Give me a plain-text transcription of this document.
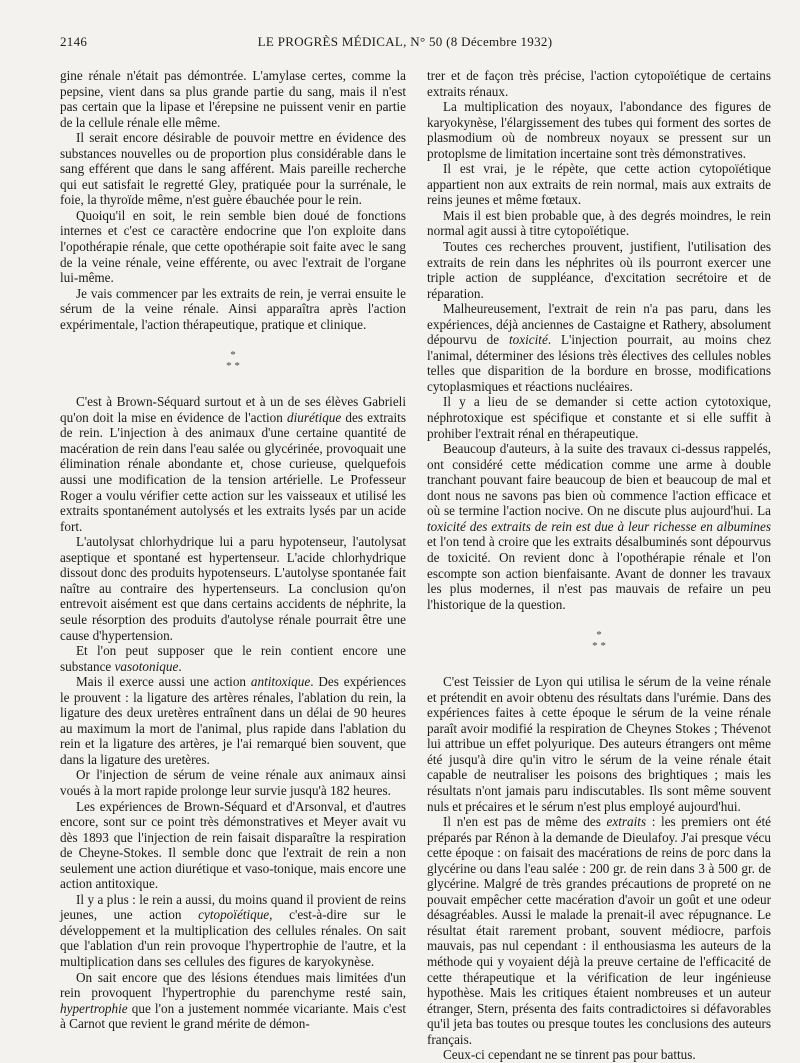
2146	LE PROGRÈS MÉDICAL, N° 50 (8 Décembre 1932)

gine rénale n'était pas démontrée. L'amylase certes, comme la pepsine, vient dans sa plus grande partie du sang, mais il n'est pas certain que la lipase et l'érepsine ne puissent venir en partie de la cellule rénale elle même.

Il serait encore désirable de pouvoir mettre en évidence des substances nouvelles ou de proportion plus considérable dans le sang efférent que dans le sang afférent. Mais pareille recherche qui eut satisfait le regretté Gley, pratiquée pour la surrénale, le foie, la thyroïde même, n'est guère ébauchée pour le rein.

Quoiqu'il en soit, le rein semble bien doué de fonctions internes et c'est ce caractère endocrine que l'on exploite dans l'opothérapie rénale, que cette opothérapie soit faite avec le sang de la veine rénale, veine efférente, ou avec l'extrait de l'organe lui-même.

Je vais commencer par les extraits de rein, je verrai ensuite le sérum de la veine rénale. Ainsi apparaîtra après l'action expérimentale, l'action thérapeutique, pratique et clinique.

*
* *

C'est à Brown-Séquard surtout et à un de ses élèves Gabrieli qu'on doit la mise en évidence de l'action diurétique des extraits de rein. L'injection à des animaux d'une certaine quantité de macération de rein dans l'eau salée ou glycérinée, provoquait une élimination rénale abondante et, chose curieuse, quelquefois aussi une modification de la tension artérielle. Le Professeur Roger a voulu vérifier cette action sur les vaisseaux et utilisé les extraits spontanément autolysés et les extraits lysés par un acide fort.

L'autolysat chlorhydrique lui a paru hypotenseur, l'autolysat aseptique et spontané est hypertenseur. L'acide chlorhydrique dissout donc des produits hypotenseurs. L'autolyse spontanée fait naître au contraire des hypertenseurs. La conclusion qu'on entrevoit aisément est que dans certains accidents de néphrite, la seule résorption des produits d'autolyse rénale pourrait être une cause d'hypertension.

Et l'on peut supposer que le rein contient encore une substance vasotonique.

Mais il exerce aussi une action antitoxique. Des expériences le prouvent : la ligature des artères rénales, l'ablation du rein, la ligature des deux uretères entraînent dans un délai de 90 heures au maximum la mort de l'animal, plus rapide dans l'ablation du rein et la ligature des artères, je l'ai remarqué bien souvent, que dans la ligature des uretères.

Or l'injection de sérum de veine rénale aux animaux ainsi voués à la mort rapide prolonge leur survie jusqu'à 182 heures.

Les expériences de Brown-Séquard et d'Arsonval, et d'autres encore, sont sur ce point très démonstratives et Meyer avait vu dès 1893 que l'injection de rein faisait disparaître la respiration de Cheyne-Stokes. Il semble donc que l'extrait de rein a non seulement une action diurétique et vaso-tonique, mais encore une action antitoxique.

Il y a plus : le rein a aussi, du moins quand il provient de reins jeunes, une action cytopoïétique, c'est-à-dire sur le développement et la multiplication des cellules rénales. On sait que l'ablation d'un rein provoque l'hypertrophie de l'autre, et la multiplication dans ses cellules des figures de karyokynèse.

On sait encore que des lésions étendues mais limitées d'un rein provoquent l'hypertrophie du parenchyme resté sain, hypertrophie que l'on a justement nommée vicariante. Mais c'est à Carnot que revient le grand mérite de démon-

trer et de façon très précise, l'action cytopoïétique de certains extraits rénaux.

La multiplication des noyaux, l'abondance des figures de karyokynèse, l'élargissement des tubes qui forment des sortes de plasmodium où de nombreux noyaux se pressent sur un protoplsme de limitation incertaine sont très démonstratives.

Il est vrai, je le répète, que cette action cytopoïétique appartient non aux extraits de rein normal, mais aux extraits de reins jeunes et même fœtaux.

Mais il est bien probable que, à des degrés moindres, le rein normal agit aussi à titre cytopoïétique.

Toutes ces recherches prouvent, justifient, l'utilisation des extraits de rein dans les néphrites où ils pourront exercer une triple action de suppléance, d'excitation secrétoire et de réparation.

Malheureusement, l'extrait de rein n'a pas paru, dans les expériences, déjà anciennes de Castaigne et Rathery, absolument dépourvu de toxicité. L'injection pourrait, au moins chez l'animal, déterminer des lésions très électives des cellules nobles telles que disparition de la bordure en brosse, modifications cytoplasmiques et réactions nucléaires.

Il y a lieu de se demander si cette action cytotoxique, néphrotoxique est spécifique et constante et si elle suffit à prohiber l'extrait rénal en thérapeutique.

Beaucoup d'auteurs, à la suite des travaux ci-dessus rappelés, ont considéré cette médication comme une arme à double tranchant pouvant faire beaucoup de bien et beaucoup de mal et dont nous ne savons pas bien où commence l'action efficace et où se termine l'action nocive. On ne discute plus aujourd'hui. La toxicité des extraits de rein est due à leur richesse en albumines et l'on tend à croire que les extraits désalbuminés sont dépourvus de toxicité. On revient donc à l'opothérapie rénale et l'on escompte son action bienfaisante. Avant de donner les travaux les plus modernes, il n'est pas mauvais de refaire un peu l'historique de la question.

*
* *

C'est Teissier de Lyon qui utilisa le sérum de la veine rénale et prétendit en avoir obtenu des résultats dans l'urémie. Dans des expériences faites à cette époque le sérum de la veine rénale paraît avoir modifié la respiration de Cheynes Stokes ; Thévenot lui attribue un effet polyurique. Des auteurs étrangers ont même été jusqu'à dire qu'in vitro le sérum de la veine rénale était capable de neutraliser les poisons des brightiques ; mais les résultats n'ont jamais paru indiscutables. Ils sont même souvent nuls et précaires et le sérum n'est plus employé aujourd'hui.

Il n'en est pas de même des extraits : les premiers ont été préparés par Rénon à la demande de Dieulafoy. J'ai presque vécu cette époque : on faisait des macérations de reins de porc dans la glycérine ou dans l'eau salée : 200 gr. de rein dans 3 à 500 gr. de glycérine. Malgré de très grandes précautions de propreté on ne pouvait empêcher cette macération d'avoir un goût et une odeur désagréables. Aussi le malade la prenait-il avec répugnance. Le résultat était rarement probant, souvent médiocre, parfois mauvais, pas nul cependant : il enthousiasma les auteurs de la méthode qui y voyaient déjà la preuve certaine de l'efficacité de cette thérapeutique et la vérification de leur ingénieuse hypothèse. Mais les critiques étaient nombreuses et un auteur étranger, Stern, présenta des faits contradictoires si défavorables qu'il jeta bas toutes ou presque toutes les conclusions des auteurs français.

Ceux-ci cependant ne se tinrent pas pour battus.
